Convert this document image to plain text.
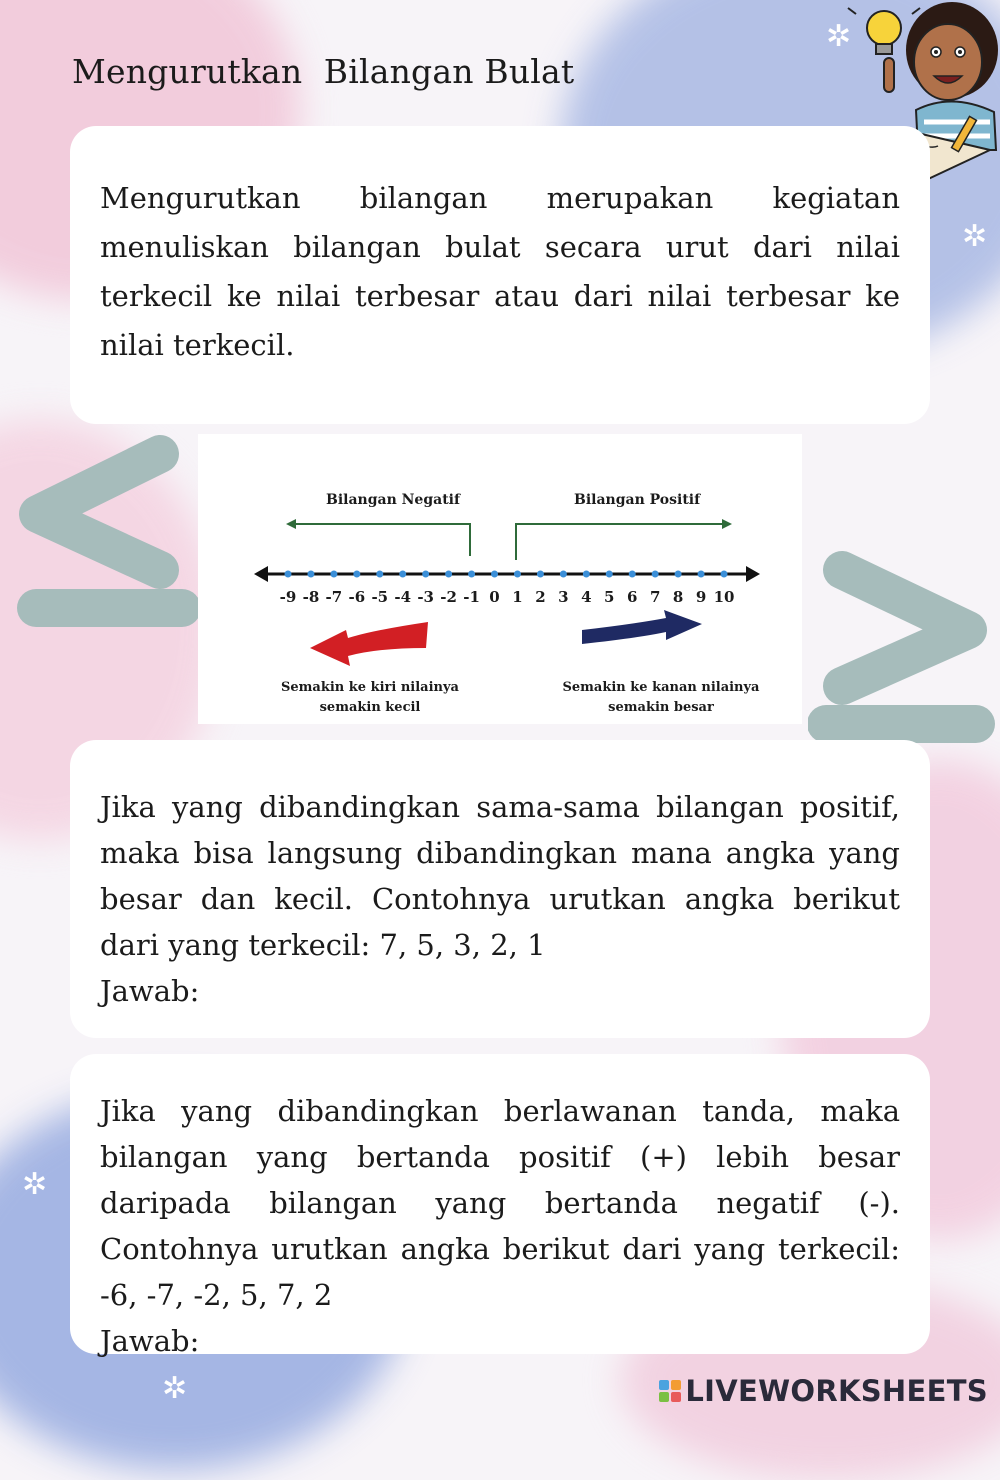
✲
✲
✲
✲
Mengurutkan  Bilangan Bulat

Mengurutkan bilangan merupakan kegiatan menuliskan bilangan bulat secara urut dari nilai terkecil ke nilai terbesar atau dari nilai terbesar ke nilai terkecil.

Bilangan Negatif	Bilangan Positif
-9 -8 -7 -6 -5 -4 -3 -2 -1 0 1 2 3 4 5 6 7 8 9 10
Semakin ke kiri nilainya
semakin kecil
Semakin ke kanan nilainya
semakin besar

Jika yang dibandingkan sama-sama bilangan positif, maka bisa langsung dibandingkan mana angka yang besar dan kecil. Contohnya urutkan angka berikut dari yang terkecil: 7, 5, 3, 2, 1

Jawab:

Jika yang dibandingkan berlawanan tanda, maka bilangan yang bertanda positif (+) lebih besar daripada bilangan yang bertanda negatif (-). Contohnya urutkan angka berikut dari yang terkecil: -6, -7, -2, 5, 7, 2

Jawab:
LIVEWORKSHEETS
